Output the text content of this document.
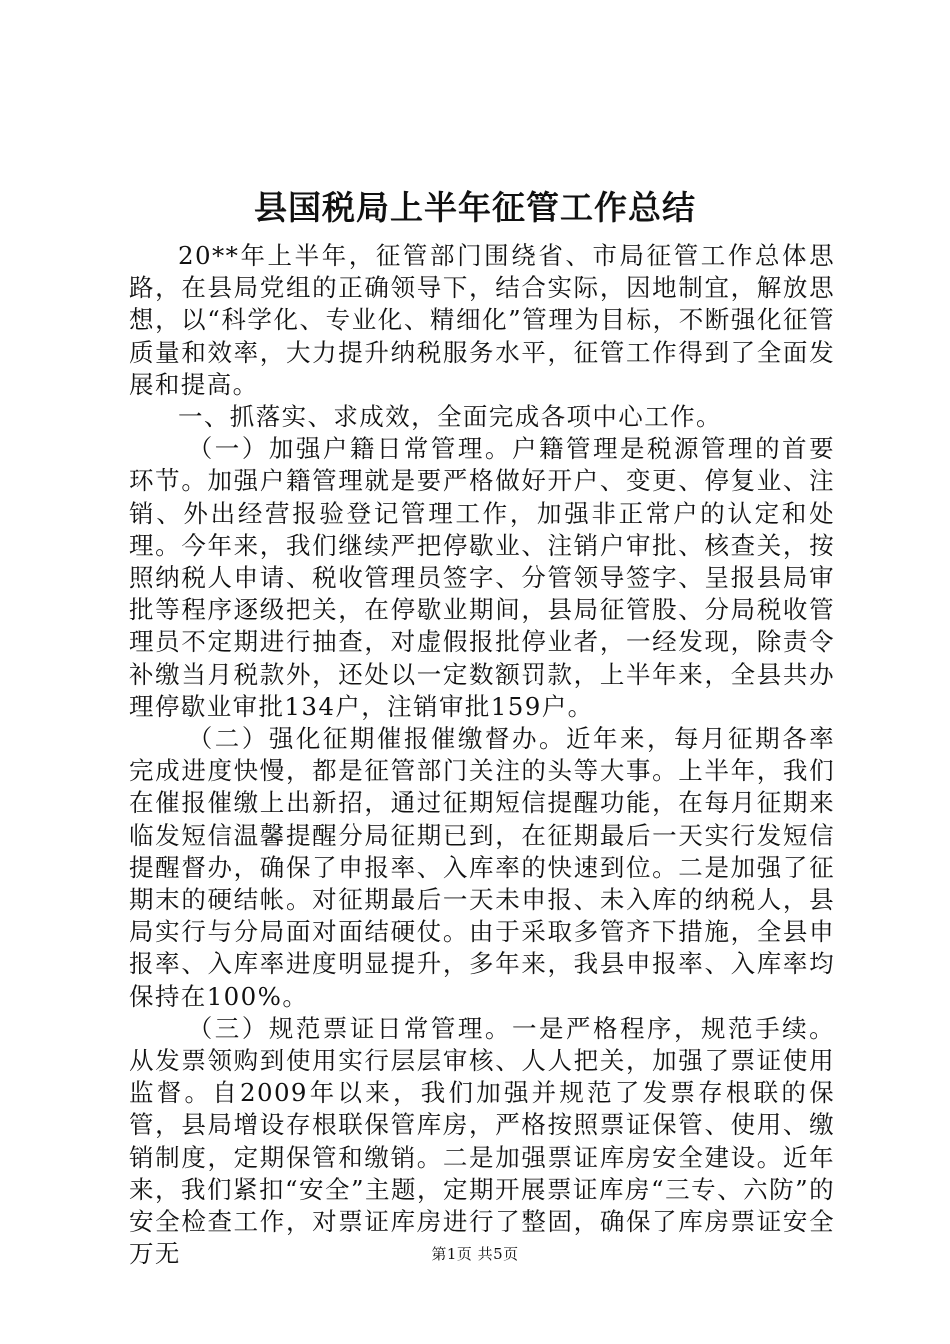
县国税局上半年征管工作总结

20**年上半年，征管部门围绕省、市局征管工作总体思路，在县局党组的正确领导下，结合实际，因地制宜，解放思想，以“科学化、专业化、精细化”管理为目标，不断强化征管质量和效率，大力提升纳税服务水平，征管工作得到了全面发展和提高。

一、抓落实、求成效，全面完成各项中心工作。

（一）加强户籍日常管理。户籍管理是税源管理的首要环节。加强户籍管理就是要严格做好开户、变更、停复业、注销、外出经营报验登记管理工作，加强非正常户的认定和处理。今年来，我们继续严把停歇业、注销户审批、核查关，按照纳税人申请、税收管理员签字、分管领导签字、呈报县局审批等程序逐级把关，在停歇业期间，县局征管股、分局税收管理员不定期进行抽查，对虚假报批停业者，一经发现，除责令补缴当月税款外，还处以一定数额罚款，上半年来，全县共办理停歇业审批134户，注销审批159户。

（二）强化征期催报催缴督办。近年来，每月征期各率完成进度快慢，都是征管部门关注的头等大事。上半年，我们在催报催缴上出新招，通过征期短信提醒功能，在每月征期来临发短信温馨提醒分局征期已到，在征期最后一天实行发短信提醒督办，确保了申报率、入库率的快速到位。二是加强了征期末的硬结帐。对征期最后一天未申报、未入库的纳税人，县局实行与分局面对面结硬仗。由于采取多管齐下措施，全县申报率、入库率进度明显提升，多年来，我县申报率、入库率均保持在100%。

（三）规范票证日常管理。一是严格程序，规范手续。从发票领购到使用实行层层审核、人人把关，加强了票证使用监督。自2009年以来，我们加强并规范了发票存根联的保管，县局增设存根联保管库房，严格按照票证保管、使用、缴销制度，定期保管和缴销。二是加强票证库房安全建设。近年来，我们紧扣“安全”主题，定期开展票证库房“三专、六防”的安全检查工作，对票证库房进行了整固，确保了库房票证安全万无	第1页 共5页
